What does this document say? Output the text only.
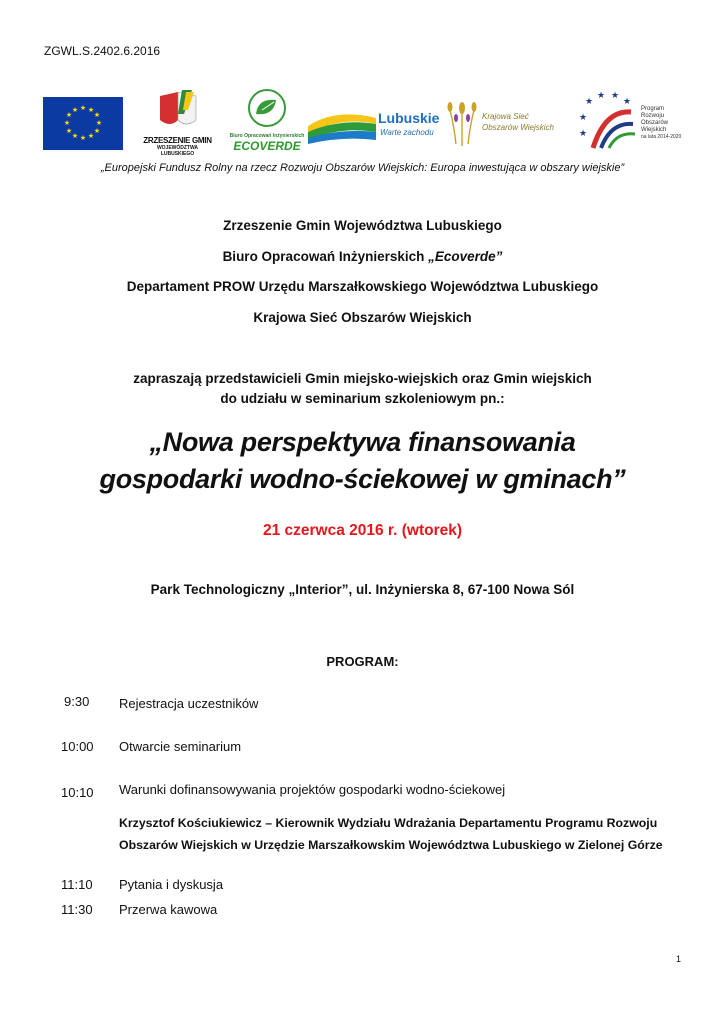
ZGWL.S.2402.6.2016
★ ★
★
★
★
★
★
★
★
★
★
★
ZRZESZENIE GMIN
WOJEWÓDZTWA LUBUSKIEGO
Biuro Opracowań Inżynierskich
ECOVERDE
Lubuskie
Warte zachodu
Krajowa Sieć
Obszarów Wiejskich
★
★ ★
★
★
★
Program
Rozwoju
Obszarów
Wiejskich
na lata 2014-2020
„Europejski Fundusz Rolny na rzecz Rozwoju Obszarów Wiejskich: Europa inwestująca w obszary wiejskie”
Zrzeszenie Gmin Województwa Lubuskiego
Biuro Opracowań Inżynierskich „Ecoverde”
Departament PROW Urzędu Marszałkowskiego Województwa Lubuskiego
Krajowa Sieć Obszarów Wiejskich
zapraszają przedstawicieli Gmin miejsko-wiejskich oraz Gmin wiejskich
do udziału w seminarium szkoleniowym pn.:
„Nowa perspektywa finansowania
gospodarki wodno-ściekowej w gminach”
21 czerwca 2016 r. (wtorek)
Park Technologiczny „Interior”, ul. Inżynierska 8, 67-100 Nowa Sól
PROGRAM:
9:30 Rejestracja uczestników
10:00 Otwarcie seminarium
10:10 Warunki dofinansowywania projektów gospodarki wodno-ściekowej
Krzysztof Kościukiewicz – Kierownik Wydziału Wdrażania Departamentu Programu Rozwoju
Obszarów Wiejskich w Urzędzie Marszałkowskim Województwa Lubuskiego w Zielonej Górze
11:10 Pytania i dyskusja
11:30 Przerwa kawowa
1
